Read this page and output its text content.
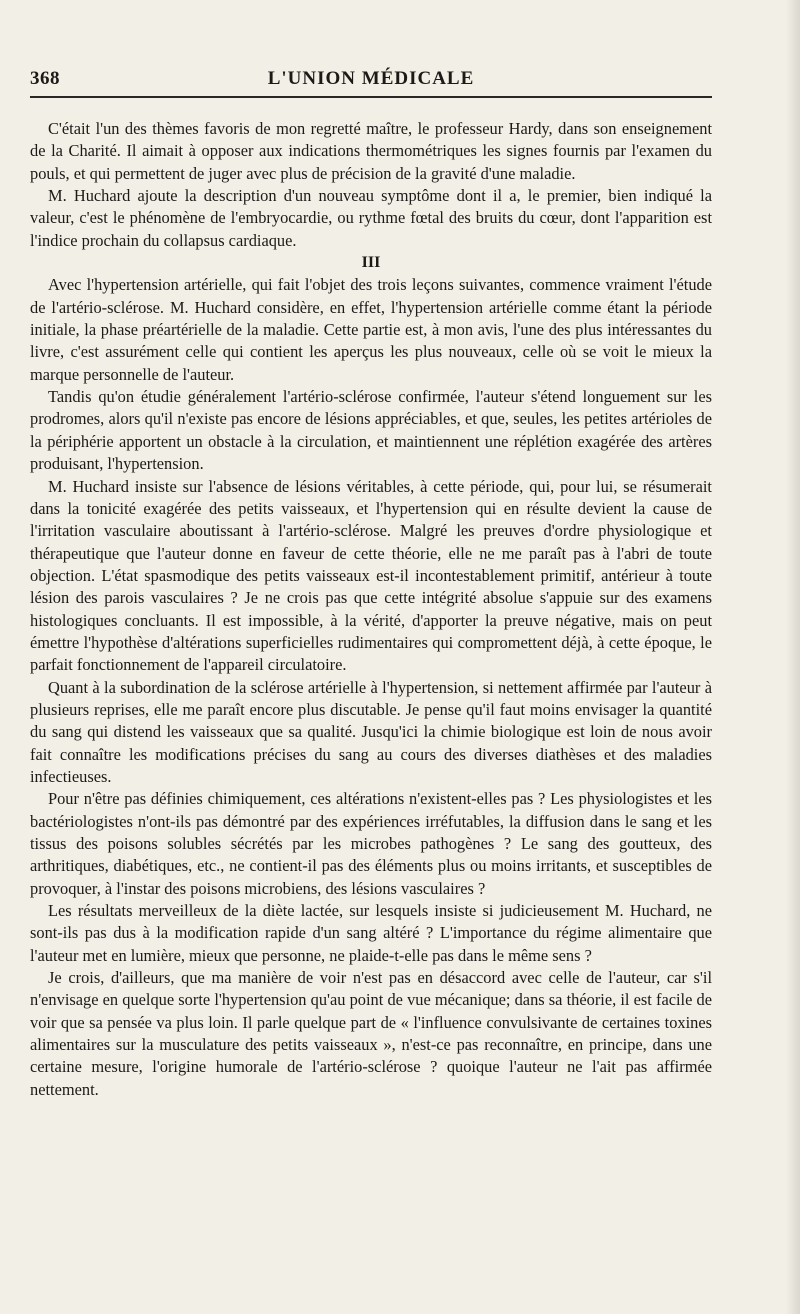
368	L'UNION MÉDICALE

C'était l'un des thèmes favoris de mon regretté maître, le professeur Hardy, dans son enseignement de la Charité. Il aimait à opposer aux indications thermométriques les signes fournis par l'examen du pouls, et qui permettent de juger avec plus de précision de la gravité d'une maladie.

M. Huchard ajoute la description d'un nouveau symptôme dont il a, le premier, bien indiqué la valeur, c'est le phénomène de l'embryocardie, ou rythme fœtal des bruits du cœur, dont l'apparition est l'indice prochain du collapsus cardiaque.

III

Avec l'hypertension artérielle, qui fait l'objet des trois leçons suivantes, commence vraiment l'étude de l'artério-sclérose. M. Huchard considère, en effet, l'hypertension artérielle comme étant la période initiale, la phase préartérielle de la maladie. Cette partie est, à mon avis, l'une des plus intéressantes du livre, c'est assurément celle qui contient les aperçus les plus nouveaux, celle où se voit le mieux la marque personnelle de l'auteur.

Tandis qu'on étudie généralement l'artério-sclérose confirmée, l'auteur s'étend longuement sur les prodromes, alors qu'il n'existe pas encore de lésions appréciables, et que, seules, les petites artérioles de la périphérie apportent un obstacle à la circulation, et maintiennent une réplétion exagérée des artères produisant, l'hypertension.

M. Huchard insiste sur l'absence de lésions véritables, à cette période, qui, pour lui, se résumerait dans la tonicité exagérée des petits vaisseaux, et l'hypertension qui en résulte devient la cause de l'irritation vasculaire aboutissant à l'artério-sclérose. Malgré les preuves d'ordre physiologique et thérapeutique que l'auteur donne en faveur de cette théorie, elle ne me paraît pas à l'abri de toute objection. L'état spasmodique des petits vaisseaux est-il incontestablement primitif, antérieur à toute lésion des parois vasculaires ? Je ne crois pas que cette intégrité absolue s'appuie sur des examens histologiques concluants. Il est impossible, à la vérité, d'apporter la preuve négative, mais on peut émettre l'hypothèse d'altérations superficielles rudimentaires qui compromettent déjà, à cette époque, le parfait fonctionnement de l'appareil circulatoire.

Quant à la subordination de la sclérose artérielle à l'hypertension, si nettement affirmée par l'auteur à plusieurs reprises, elle me paraît encore plus discutable. Je pense qu'il faut moins envisager la quantité du sang qui distend les vaisseaux que sa qualité. Jusqu'ici la chimie biologique est loin de nous avoir fait connaître les modifications précises du sang au cours des diverses diathèses et des maladies infectieuses.

Pour n'être pas définies chimiquement, ces altérations n'existent-elles pas ? Les physiologistes et les bactériologistes n'ont-ils pas démontré par des expériences irréfutables, la diffusion dans le sang et les tissus des poisons solubles sécrétés par les microbes pathogènes ? Le sang des goutteux, des arthritiques, diabétiques, etc., ne contient-il pas des éléments plus ou moins irritants, et susceptibles de provoquer, à l'instar des poisons microbiens, des lésions vasculaires ?

Les résultats merveilleux de la diète lactée, sur lesquels insiste si judicieusement M. Huchard, ne sont-ils pas dus à la modification rapide d'un sang altéré ? L'importance du régime alimentaire que l'auteur met en lumière, mieux que personne, ne plaide-t-elle pas dans le même sens ?

Je crois, d'ailleurs, que ma manière de voir n'est pas en désaccord avec celle de l'auteur, car s'il n'envisage en quelque sorte l'hypertension qu'au point de vue mécanique; dans sa théorie, il est facile de voir que sa pensée va plus loin. Il parle quelque part de « l'influence convulsivante de certaines toxines alimentaires sur la musculature des petits vaisseaux », n'est-ce pas reconnaître, en principe, dans une certaine mesure, l'origine humorale de l'artério-sclérose ? quoique l'auteur ne l'ait pas affirmée nettement.
